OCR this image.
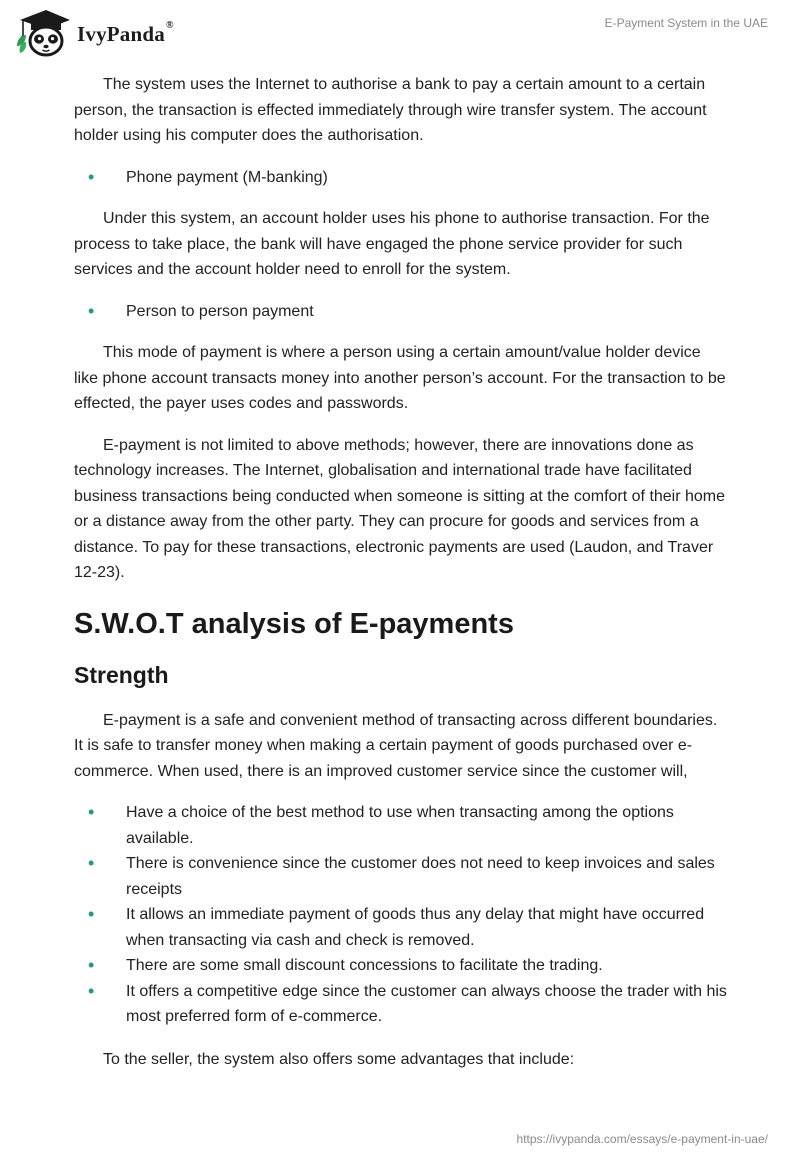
IvyPanda®	E-Payment System in the UAE

The system uses the Internet to authorise a bank to pay a certain amount to a certain person, the transaction is effected immediately through wire transfer system. The account holder using his computer does the authorisation.

• Phone payment (M-banking)

Under this system, an account holder uses his phone to authorise transaction. For the process to take place, the bank will have engaged the phone service provider for such services and the account holder need to enroll for the system.

• Person to person payment

This mode of payment is where a person using a certain amount/value holder device like phone account transacts money into another person’s account. For the transaction to be effected, the payer uses codes and passwords.

E-payment is not limited to above methods; however, there are innovations done as technology increases. The Internet, globalisation and international trade have facilitated business transactions being conducted when someone is sitting at the comfort of their home or a distance away from the other party. They can procure for goods and services from a distance. To pay for these transactions, electronic payments are used (Laudon, and Traver 12-23).

S.W.O.T analysis of E-payments
Strength

E-payment is a safe and convenient method of transacting across different boundaries. It is safe to transfer money when making a certain payment of goods purchased over e-commerce. When used, there is an improved customer service since the customer will,

• Have a choice of the best method to use when transacting among the options available.
• There is convenience since the customer does not need to keep invoices and sales receipts
• It allows an immediate payment of goods thus any delay that might have occurred when transacting via cash and check is removed.
• There are some small discount concessions to facilitate the trading.
• It offers a competitive edge since the customer can always choose the trader with his most preferred form of e-commerce.

To the seller, the system also offers some advantages that include:

https://ivypanda.com/essays/e-payment-in-uae/
